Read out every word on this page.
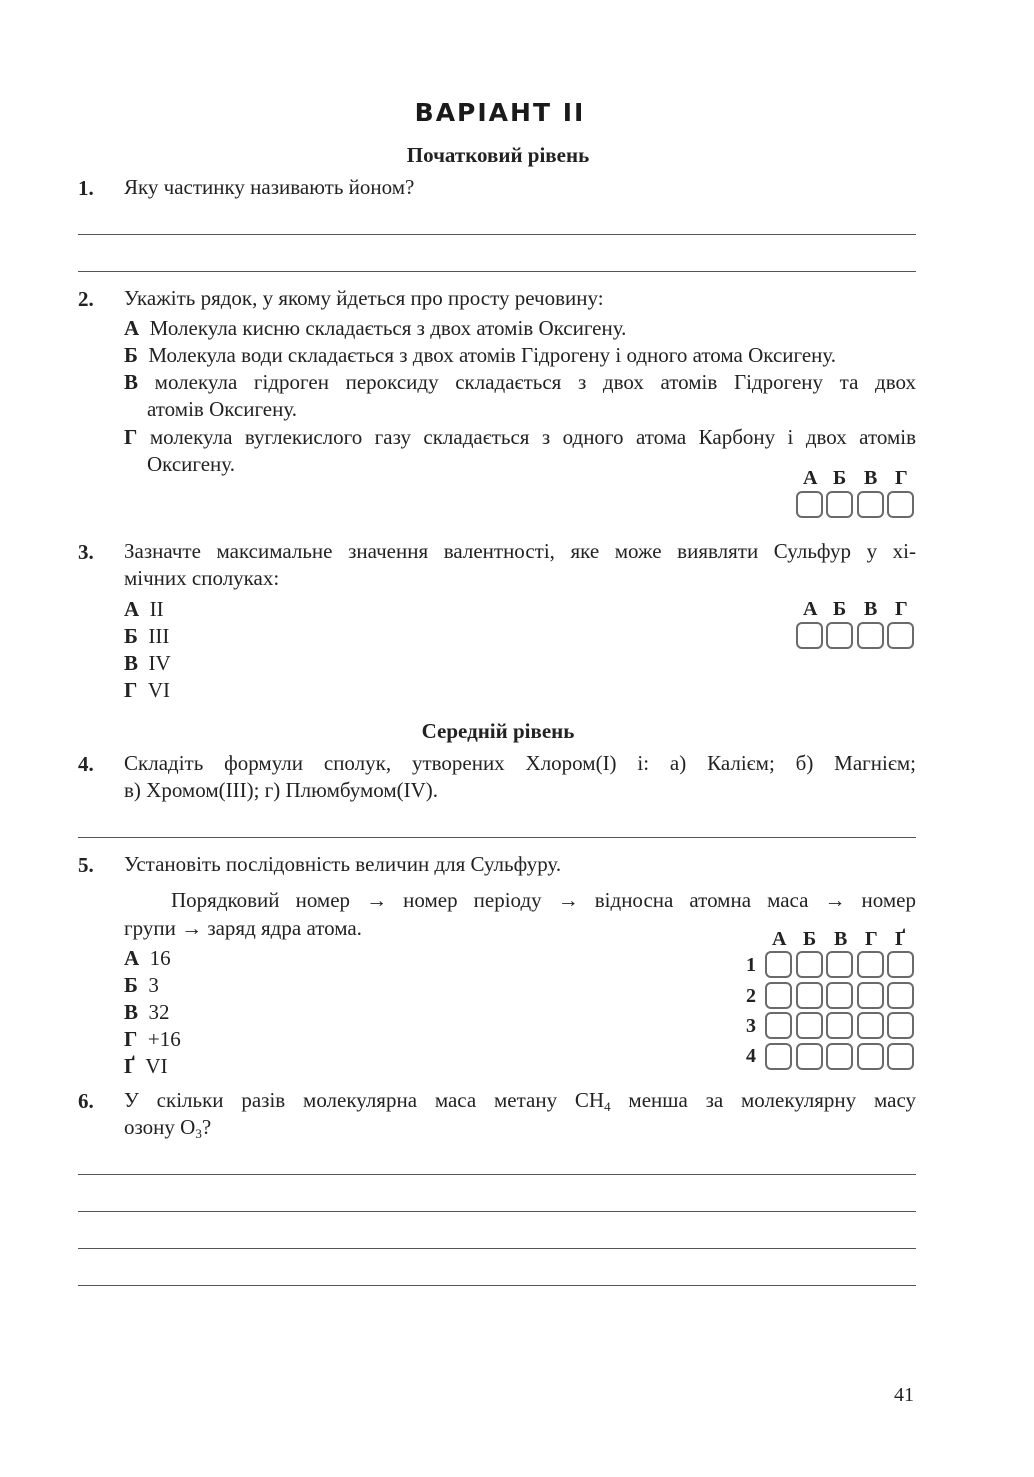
ВАРІАНТ II
Початковий рівень
1. Яку частинку називають йоном?
2. Укажіть рядок, у якому йдеться про просту речовину:
А Молекула кисню складається з двох атомів Оксигену.
Б Молекула води складається з двох атомів Гідрогену і одного атома Оксигену.
В молекула гідроген пероксиду складається з двох атомів Гідрогену та двох
атомів Оксигену.
Г молекула вуглекислого газу складається з одного атома Карбону і двох атомів
Оксигену.
А Б В Г
3. Зазначте максимальне значення валентності, яке може виявляти Сульфур у хі-
мічних сполуках:
А II
Б III
В IV
Г VI
А Б В Г
Середній рівень
4. Складіть формули сполук, утворених Хлором(I) і: а) Калієм; б) Магнієм;
в) Хромом(III); г) Плюмбумом(IV).
5. Установіть послідовність величин для Сульфуру.
Порядковий номер → номер періоду → відносна атомна маса → номер
групи → заряд ядра атома.
А 16
Б 3
В 32
Г +16
Ґ VI
А Б В Г Ґ
1
2
3
4
6. У скільки разів молекулярна маса метану $CH_4$ менша за молекулярну масу
озону $O_3$?
41
